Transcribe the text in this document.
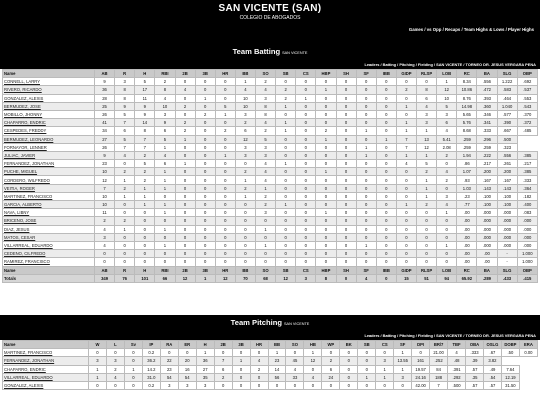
SAN VICENTE (SAN)
COLEGIO DE ABOGADOS
Games / vs Opp / Recaps / Team Highs & Lows / Player Highs
Leaders / Batting / Pitching / Fielding / SAN VICENTE / TORNEO DR. JESUS VERGARA PENA
Team Batting SAN VICENTE
Name	AB	R	H	RBI	2B	3B	HR	BB	SO	SB	CS	HBP	SH	SF	IBB	GIDP	RLSP	LOB	RC	BA	SLG	OBP
CONNELL, LARRY	9	3	5	2	0	0	0	1	2	0	0	0	0	0	0	0	0	1	8.34	.556	1.222	.692
RIVERO, RICARDO	36	8	17	8	4	0	0	4	4	2	0	1	0	0	0	2	8	12	10.86	.472	.583	.537
GONZALEZ, ALEXIS	28	8	11	4	0	1	0	10	3	2	1	0	0	0	0	0	6	10	8.76	.393	.464	.553
BERMUDEZ, JOSE	25	9	9	10	2	0	5	10	8	1	0	0	0	0	0	1	4	5	14.98	.360	1.040	.543
MOBILLO, JHONNY	26	5	9	3	0	2	1	3	8	0	0	0	0	0	0	0	3	3	5.65	.346	.577	.370
CHAPARRO, ENDRIC	41	7	14	9	2	0	0	2	4	1	0	0	0	0	0	1	3	6	5.76	.341	.390	.372
CESPEDES, FREDDY	34	6	8	6	2	0	2	6	2	1	0	2	0	1	0	1	1	4	8.68	.333	.667	.485
BERMUDEZ, LEONARDO	27	5	7	5	1	0	0	12	5	0	0	1	0	0	1	7	13	5.41	.259	.296	.500	
FORNAYOR, LENNER	26	7	7	1	0	0	0	3	3	0	0	0	0	1	0	7	12	2.08	.259	.259	.323	
JULIAC, JAVIER	9	4	2	4	0	0	1	3	3	0	0	0	0	1	0	1	1	2	1.94	.222	.556	.385
FERNANDEZ, JONATHAN	23	0	5	6	1	0	0	0	4	1	0	0	0	0	0	4	5	0	.86	.217	.261	.217
PUCHE, MIGUEL	10	2	2	1	0	0	0	2	4	0	0	1	0	0	0	0	2	4	1.07	.200	.200	.385
CORDERO, WILFREDO	12	1	2	1	0	0	0	1	4	0	0	0	0	0	0	0	1	2	.93	.167	.167	.333
VEITIA, ROGER	7	2	1	1	0	0	0	2	1	0	0	0	0	0	0	0	1	0	1.03	.143	.143	.364
MARTINEZ, FRANCISCO	10	1	1	0	0	0	0	1	2	0	0	0	0	0	0	0	1	3	.23	.100	.100	.182
GARCIA, ALBERTO	10	0	1	1	0	0	0	0	2	1	0	0	0	0	0	1	2	4	.77	.100	.100	.400
NAVA, LIBNY	11	0	0	1	0	0	0	0	3	0	0	1	0	0	0	0	0	1	.00	.000	.000	.083
BRICENO, JOSE	2	2	0	0	0	0	0	0	0	0	0	0	0	0	0	0	0	0	.00	.000	.000	.000
DIAZ, JESUS	4	1	0	1	0	0	0	0	1	0	0	0	0	0	0	0	0	0	.00	.000	.000	.000
MATOS, CESAR	3	0	0	0	0	0	0	0	0	0	0	0	0	0	0	0	0	0	.00	.000	.000	.000
VILLARREAL, EDUARDO	4	0	0	1	0	0	0	0	1	0	0	0	0	1	0	0	0	1	.00	.000	.000	.000
CEDENO, CILFREDO	0	0	0	0	0	0	0	0	0	0	0	0	0	0	0	0	0	0	.00	.00	-	1.000
RAMIREZ, FRANCISCO	0	0	0	0	0	0	0	0	0	0	0	0	0	0	0	0	0	0	.00	.00	-	1.000
Name	AB	R	H	RBI	2B	3B	HR	BB	SO	SB	CS	HBP	SH	SF	IBB	GIDP	RLSP	LOB	RC	BA	SLG	OBP
Totals	349	76	101	66	12	1	12	70	68	12	3	8	0	4	0	15	51	94	65.92	.289	.433	.415
Leaders / Batting / Pitching / Fielding / SAN VICENTE / TORNEO DR. JESUS VERGARA PENA
Team Pitching SAN VICENTE
Name	W	L	Sv	IP	RA	ER	H	2B	3B	HR	BB	SO	HB	WP	BK	SB	CS	SF	DPI	BR/7	TBF	OBA	OSLG	DOBP	ERA
MARTINEZ, FRANCISCO	0	0	0	0.2	0	0	1	0	0	0	1	0	1	0	0	0	0	1	0	21.00	4	.333	.67	.50	0.00
FERNANDEZ, JONATHAN	3	3	0	36.2	22	20	36	7	1	4	23	45	12	2	0	0	3	13.55	161	.252	.48	.39	3.82		
CHAPARRO, ENDRIC	1	2	1	14.2	23	16	27	6	0	2	14	4	0	6	0	0	1	1	19.57	84	.391	.57	.49	7.64	
VILLARREAL, EDUARDO	1	4	0	31.0	54	54	35	2	0	0	56	33	4	24	0	1	1	3	24.16	188	.292	.35	.54	12.19	
GONZALEZ, ALEXIS	0	0	0	0.2	3	3	3	0	0	0	0	0	0	0	0	0	0	0	42.00	7	.500	.57	.57	31.50	
